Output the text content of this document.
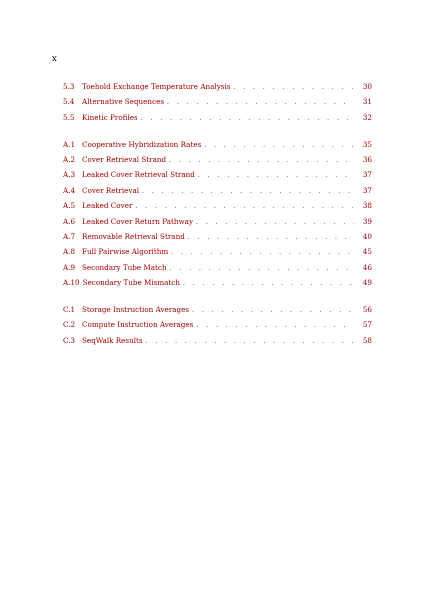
x
5.3	Toehold Exchange Temperature Analysis . . .	30
5.4	Alternative Sequences . . .	31
5.5	Kinetic Profiles . . .	32
A.1 Cooperative Hybridization Rates . . .	35
A.2 Cover Retrieval Strand . . .	36
A.3 Leaked Cover Retrieval Strand . . .	37
A.4 Cover Retrieval . . .	37
A.5 Leaked Cover . . .	38
A.6 Leaked Cover Return Pathway . . .	39
A.7 Removable Retrieval Strand . . .	40
A.8 Full Pairwise Algorithm . . .	45
A.9 Secondary Tube Match . . .	46
A.10 Secondary Tube Mismatch . . .	49
C.1 Storage Instruction Averages . . .	56
C.2 Compute Instruction Averages . . .	57
C.3 SeqWalk Results . . .	58
